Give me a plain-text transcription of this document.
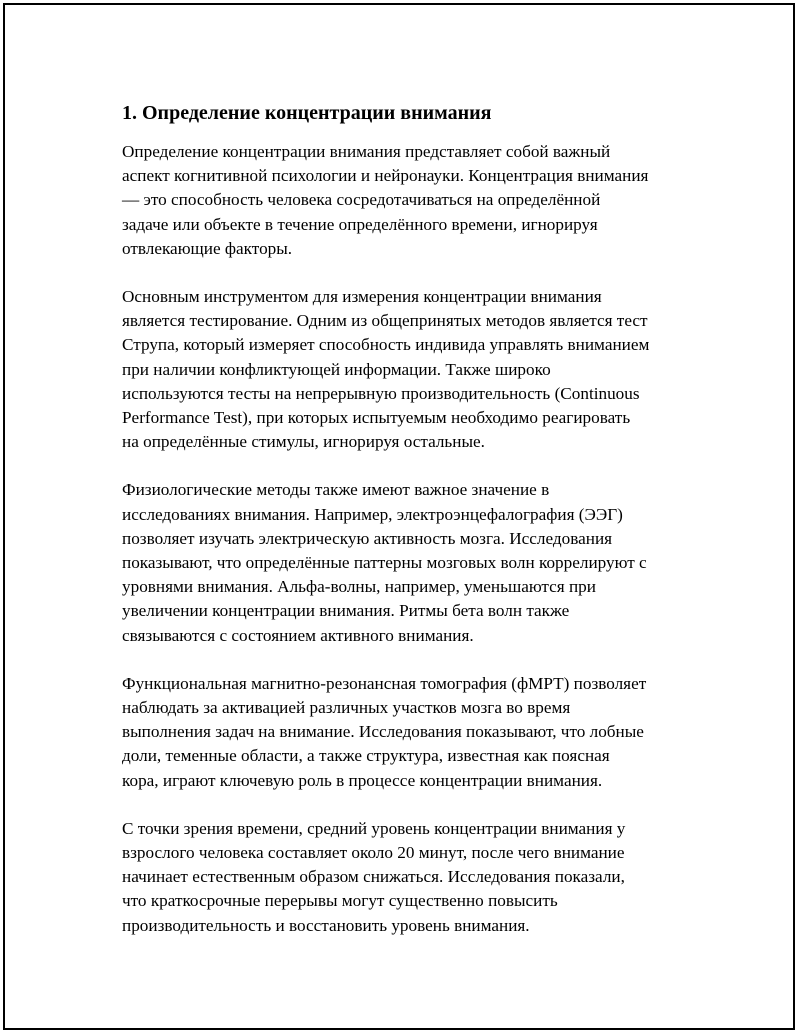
1. Определение концентрации внимания

Определение концентрации внимания представляет собой важный
аспект когнитивной психологии и нейронауки. Концентрация внимания
— это способность человека сосредотачиваться на определённой
задаче или объекте в течение определённого времени, игнорируя
отвлекающие факторы.

Основным инструментом для измерения концентрации внимания
является тестирование. Одним из общепринятых методов является тест
Струпа, который измеряет способность индивида управлять вниманием
при наличии конфликтующей информации. Также широко
используются тесты на непрерывную производительность (Continuous
Performance Test), при которых испытуемым необходимо реагировать
на определённые стимулы, игнорируя остальные.

Физиологические методы также имеют важное значение в
исследованиях внимания. Например, электроэнцефалография (ЭЭГ)
позволяет изучать электрическую активность мозга. Исследования
показывают, что определённые паттерны мозговых волн коррелируют с
уровнями внимания. Альфа-волны, например, уменьшаются при
увеличении концентрации внимания. Ритмы бета волн также
связываются с состоянием активного внимания.

Функциональная магнитно-резонансная томография (фМРТ) позволяет
наблюдать за активацией различных участков мозга во время
выполнения задач на внимание. Исследования показывают, что лобные
доли, теменные области, а также структура, известная как поясная
кора, играют ключевую роль в процессе концентрации внимания.

С точки зрения времени, средний уровень концентрации внимания у
взрослого человека составляет около 20 минут, после чего внимание
начинает естественным образом снижаться. Исследования показали,
что краткосрочные перерывы могут существенно повысить
производительность и восстановить уровень внимания.
